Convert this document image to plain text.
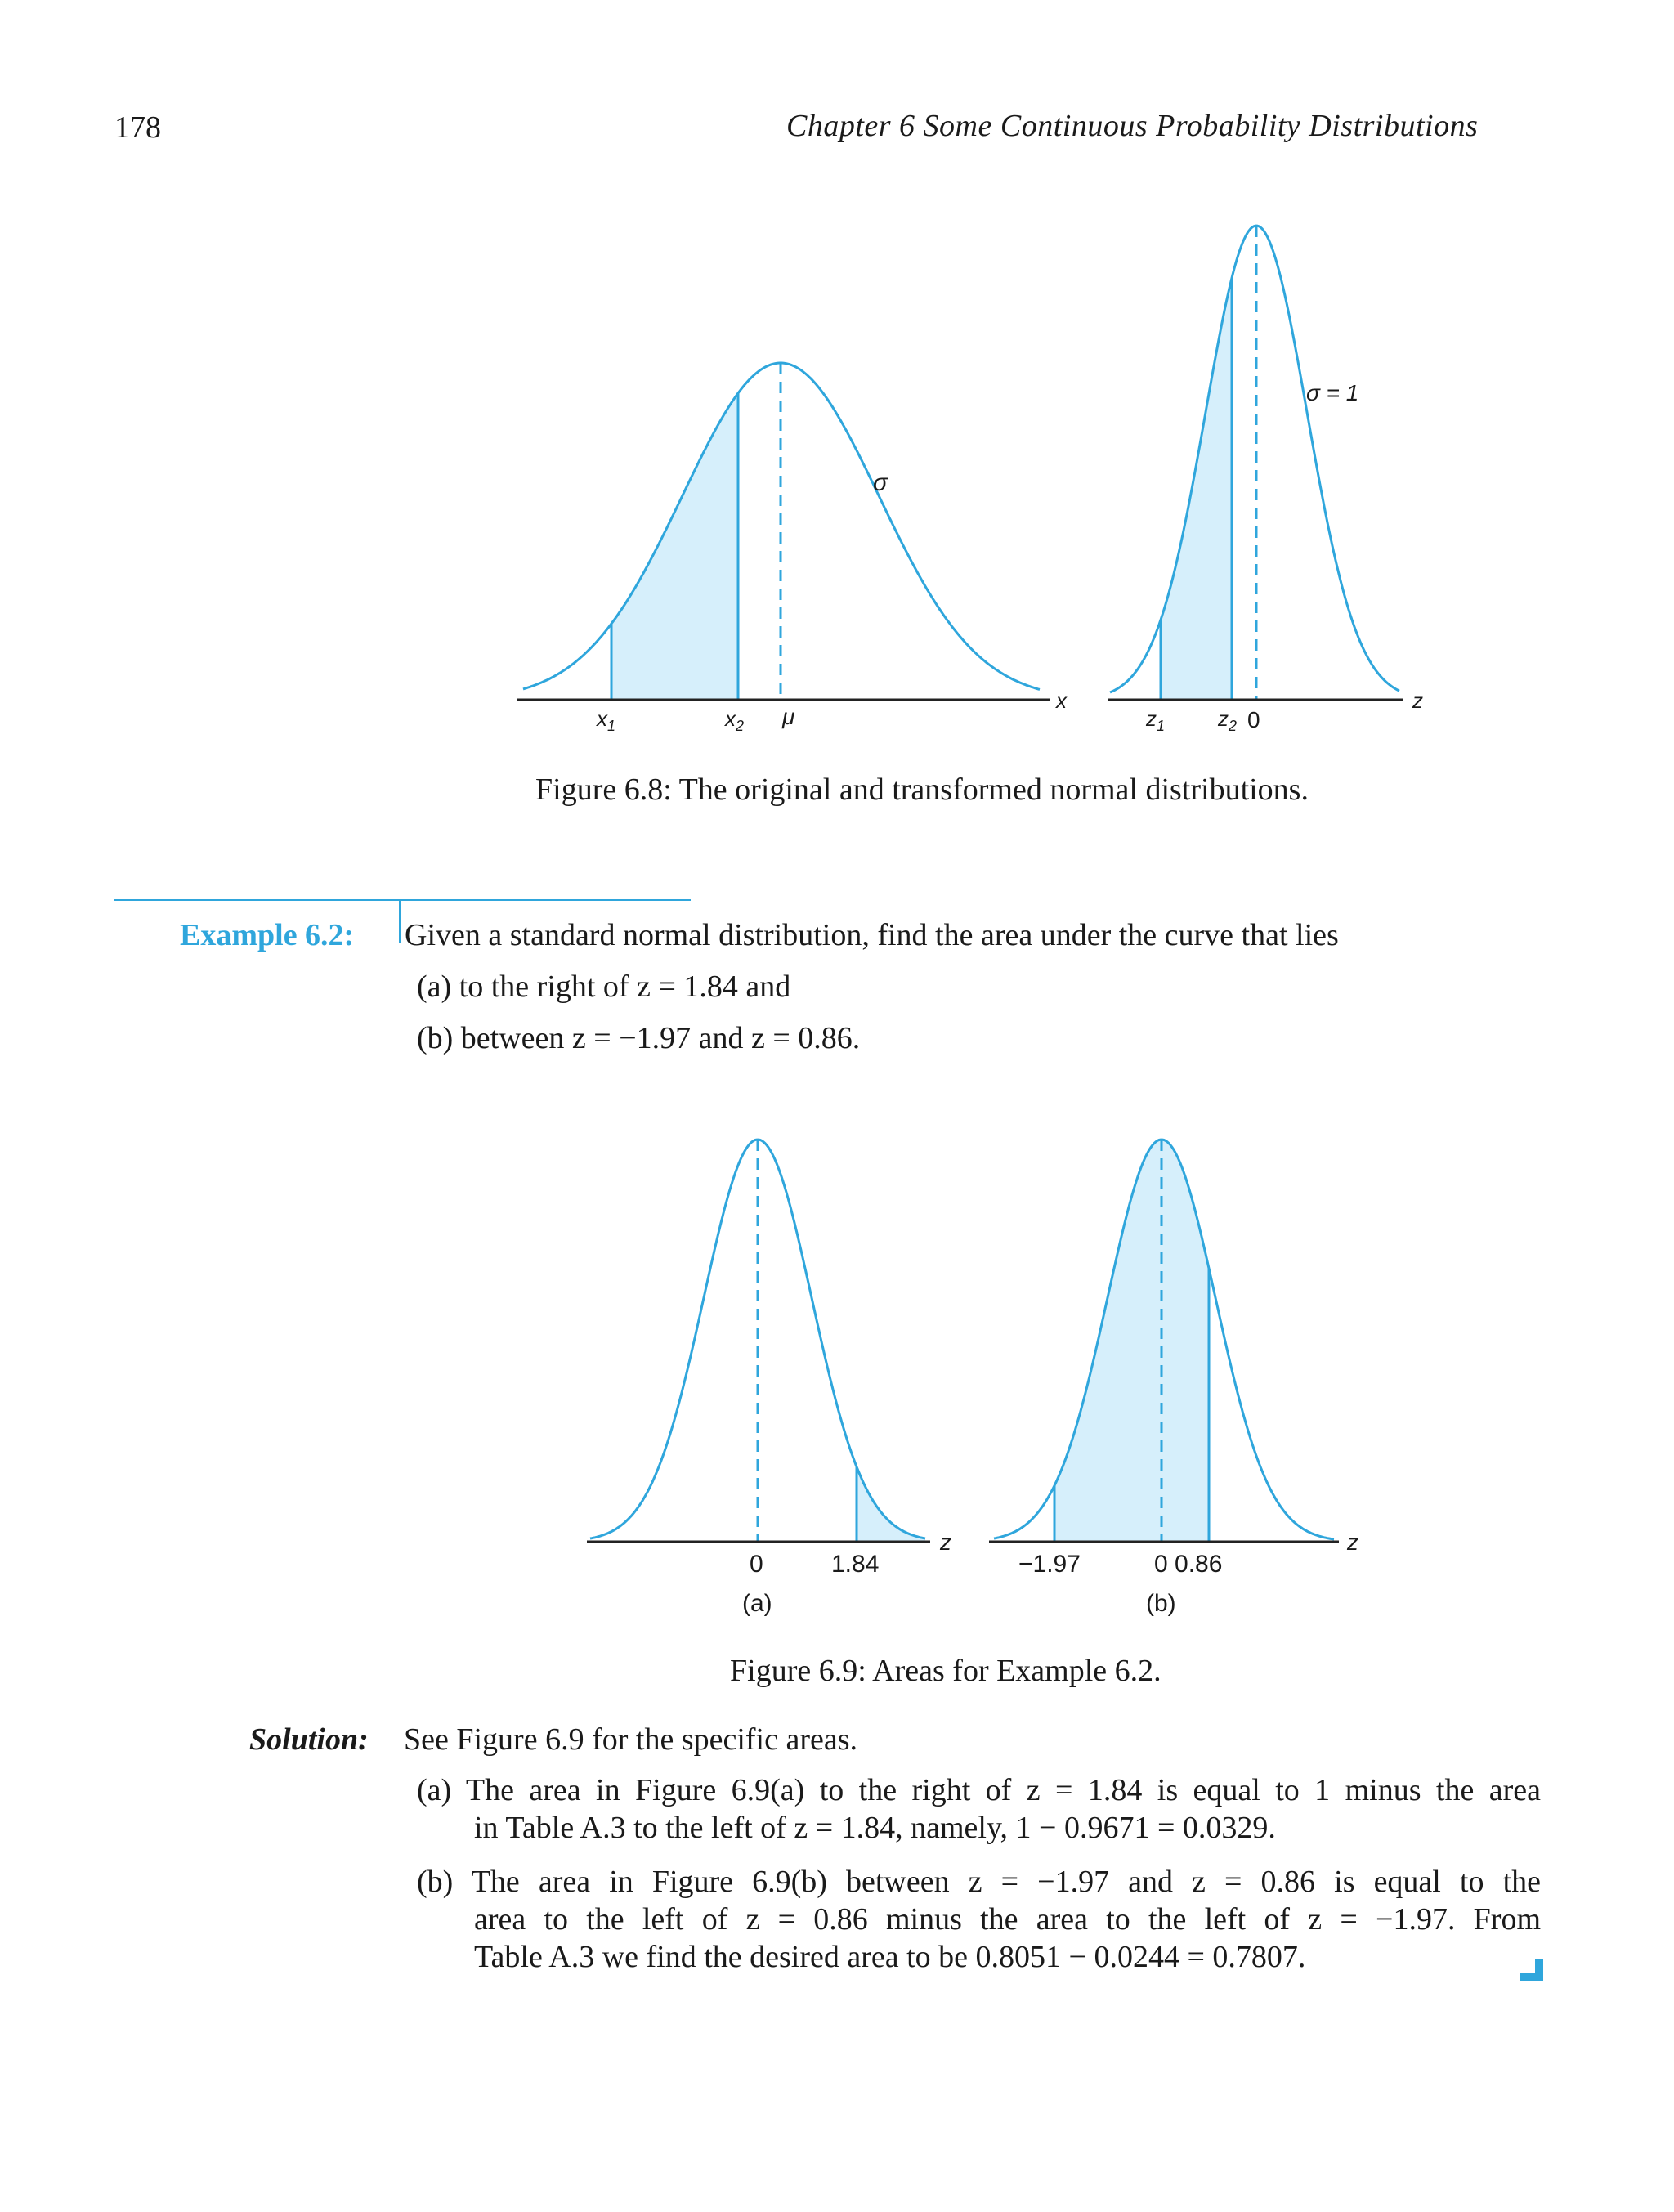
178	Chapter 6 Some Continuous Probability Distributions
$x_1$	$x_2$ μ
σ
x
$z_1$ $z_2$ 0
σ = 1
z
0	1.84
z
(a)
−1.97	0 0.86
z
(b)
Figure 6.8: The original and transformed normal distributions.
Example 6.2: Given a standard normal distribution, find the area under the curve that lies
(a) to the right of z = 1.84 and
(b) between z = −1.97 and z = 0.86.
Figure 6.9: Areas for Example 6.2.
Solution: See Figure 6.9 for the specific areas.
(a) The area in Figure 6.9(a) to the right of z = 1.84 is equal to 1 minus the area
in Table A.3 to the left of z = 1.84, namely, 1 − 0.9671 = 0.0329.
(b) The area in Figure 6.9(b) between z = −1.97 and z = 0.86 is equal to the
area to the left of z = 0.86 minus the area to the left of z = −1.97. From
Table A.3 we find the desired area to be 0.8051 − 0.0244 = 0.7807.
